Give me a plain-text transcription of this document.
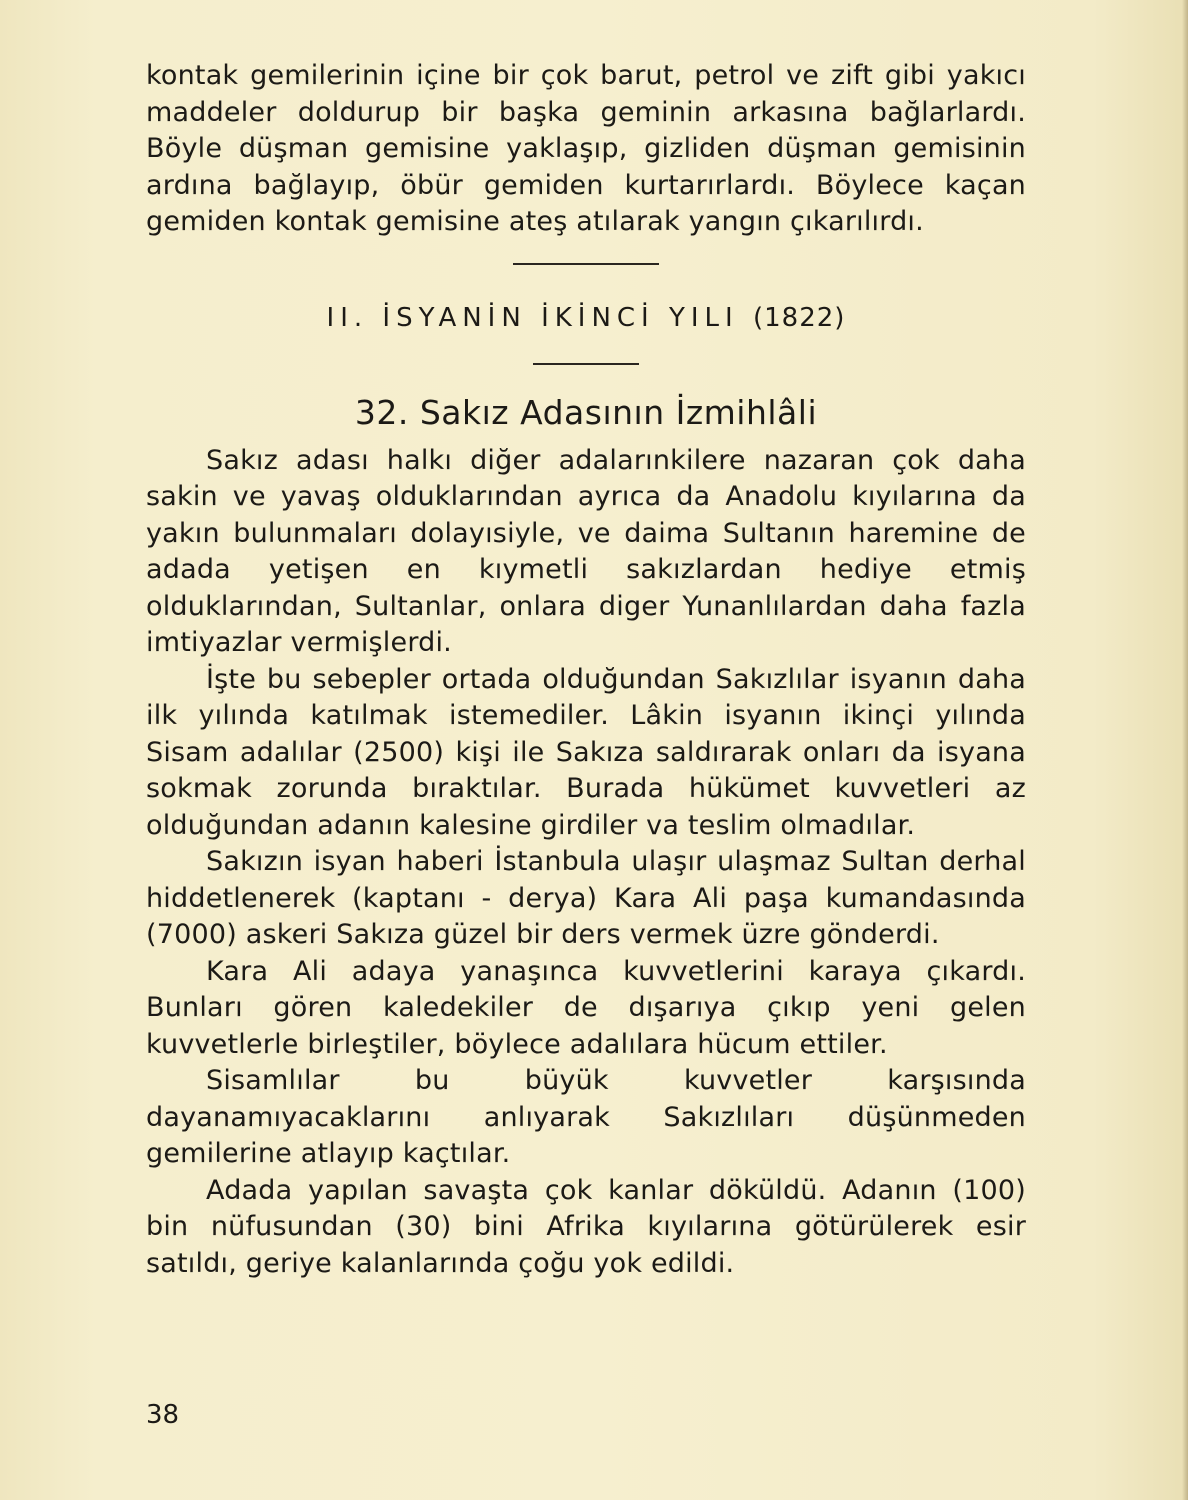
kontak gemilerinin içine bir çok barut, petrol ve zift gibi yakıcı maddeler doldurup bir başka geminin arkasına bağlarlardı. Böyle düşman gemisine yaklaşıp, gizliden düşman gemisinin ardına bağlayıp, öbür gemiden kurtarırlardı. Böylece kaçan gemiden kontak gemisine ateş atılarak yangın çıkarılırdı.

II. İSYANİN İKİNCİ YILI (1822)
32. Sakız Adasının İzmihlâli

Sakız adası halkı diğer adalarınkilere nazaran çok daha sakin ve yavaş olduklarından ayrıca da Anadolu kıyılarına da yakın bulunmaları dolayısiyle, ve daima Sultanın haremine de adada yetişen en kıymetli sakızlardan hediye etmiş olduklarından, Sultanlar, onlara diger Yunanlılardan daha fazla imtiyazlar vermişlerdi.

İşte bu sebepler ortada olduğundan Sakızlılar isyanın daha ilk yılında katılmak istemediler. Lâkin isyanın ikinçi yılında Sisam adalılar (2500) kişi ile Sakıza saldırarak onları da isyana sokmak zorunda bıraktılar. Burada hükümet kuvvetleri az olduğundan adanın kalesine girdiler va teslim olmadılar.

Sakızın isyan haberi İstanbula ulaşır ulaşmaz Sultan derhal hiddetlenerek (kaptanı - derya) Kara Ali paşa kumandasında (7000) askeri Sakıza güzel bir ders vermek üzre gönderdi.

Kara Ali adaya yanaşınca kuvvetlerini karaya çıkardı. Bunları gören kaledekiler de dışarıya çıkıp yeni gelen kuvvetlerle birleştiler, böylece adalılara hücum ettiler.

Sisamlılar bu büyük kuvvetler karşısında dayanamıyacaklarını anlıyarak Sakızlıları düşünmeden gemilerine atlayıp kaçtılar.

Adada yapılan savaşta çok kanlar döküldü. Adanın (100) bin nüfusundan (30) bini Afrika kıyılarına götürülerek esir satıldı, geriye kalanlarında çoğu yok edildi.

38
